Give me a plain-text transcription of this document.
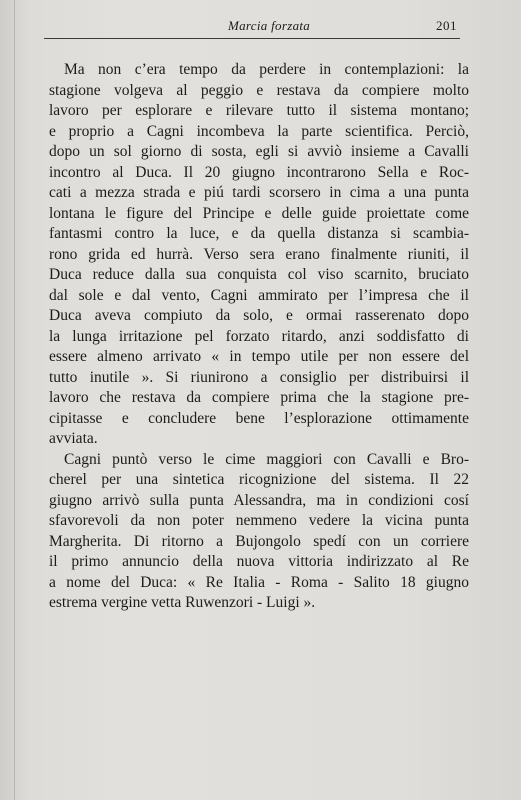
Marcia forzata	201
Ma non c’era tempo da perdere in contemplazioni: la
stagione volgeva al peggio e restava da compiere molto
lavoro per esplorare e rilevare tutto il sistema montano;
e proprio a Cagni incombeva la parte scientifica. Perciò,
dopo un sol giorno di sosta, egli si avviò insieme a Cavalli
incontro al Duca. Il 20 giugno incontrarono Sella e Roc-
cati a mezza strada e piú tardi scorsero in cima a una punta
lontana le figure del Principe e delle guide proiettate come
fantasmi contro la luce, e da quella distanza si scambia-
rono grida ed hurrà. Verso sera erano finalmente riuniti, il
Duca reduce dalla sua conquista col viso scarnito, bruciato
dal sole e dal vento, Cagni ammirato per l’impresa che il
Duca aveva compiuto da solo, e ormai rasserenato dopo
la lunga irritazione pel forzato ritardo, anzi soddisfatto di
essere almeno arrivato « in tempo utile per non essere del
tutto inutile ». Si riunirono a consiglio per distribuirsi il
lavoro che restava da compiere prima che la stagione pre-
cipitasse e concludere bene l’esplorazione ottimamente
avviata.
Cagni puntò verso le cime maggiori con Cavalli e Bro-
cherel per una sintetica ricognizione del sistema. Il 22
giugno arrivò sulla punta Alessandra, ma in condizioni cosí
sfavorevoli da non poter nemmeno vedere la vicina punta
Margherita. Di ritorno a Bujongolo spedí con un corriere
il primo annuncio della nuova vittoria indirizzato al Re
a nome del Duca: « Re Italia - Roma - Salito 18 giugno
estrema vergine vetta Ruwenzori - Luigi ».
